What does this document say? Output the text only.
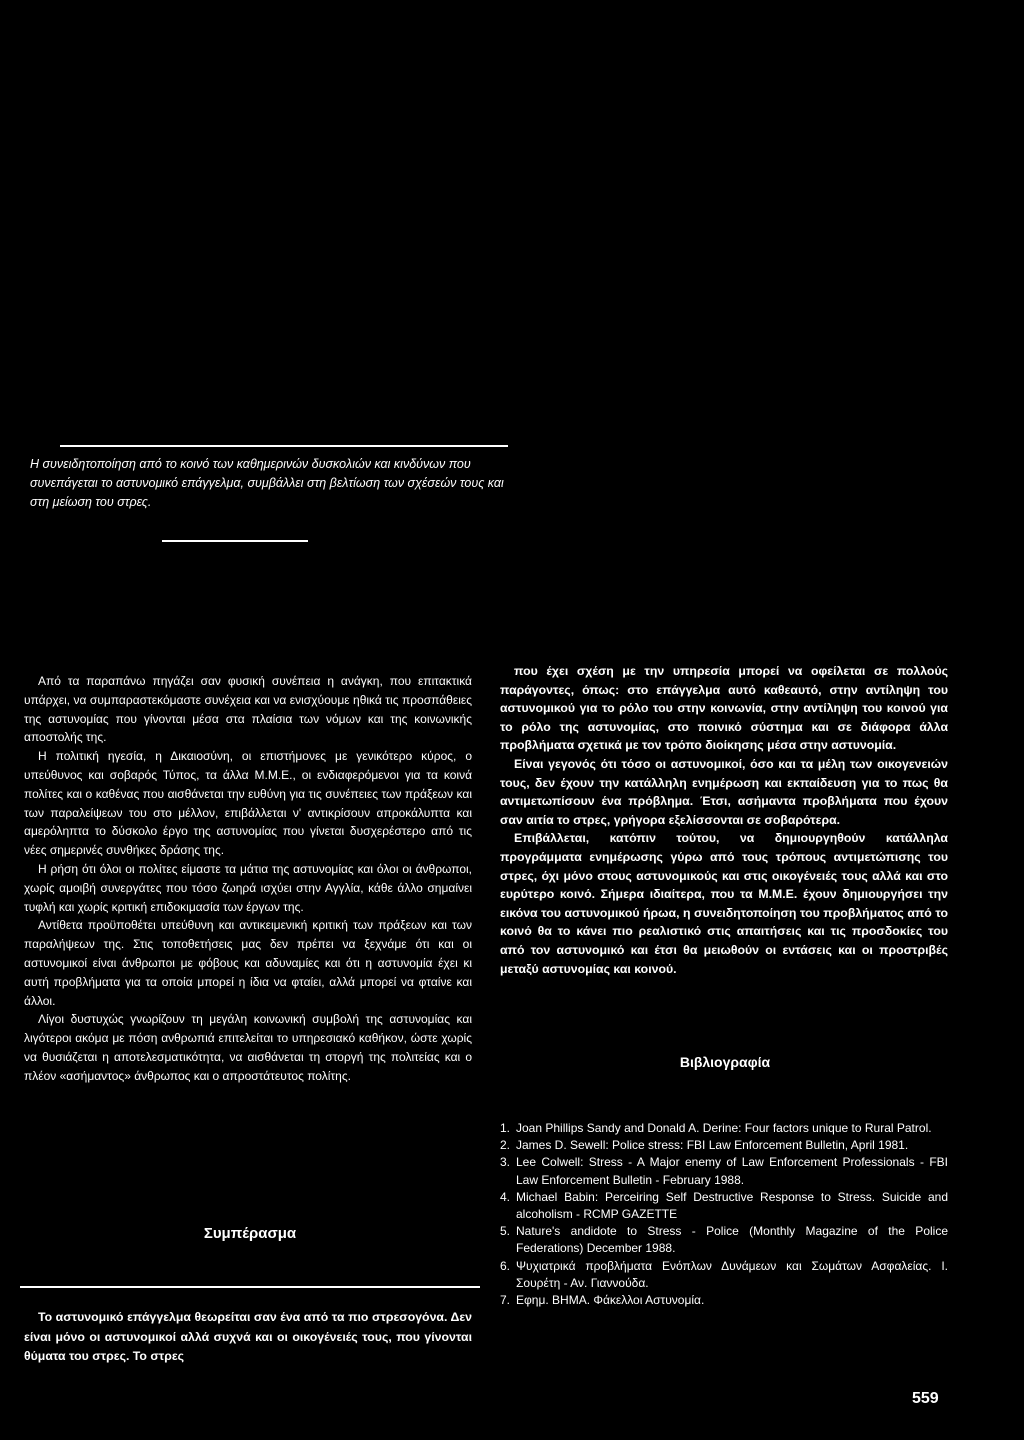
Η συνειδητοποίηση από το κοινό των καθημερινών δυσκολιών και κινδύνων που συνεπάγεται το αστυνομικό επάγγελμα, συμβάλλει στη βελτίωση των σχέσεών τους και στη μείωση του στρες.

Από τα παραπάνω πηγάζει σαν φυσική συνέπεια η ανάγκη, που επιτακτικά υπάρχει, να συμπαραστεκόμαστε συνέχεια και να ενισχύουμε ηθικά τις προσπάθειες της αστυνομίας που γίνονται μέσα στα πλαίσια των νόμων και της κοινωνικής αποστολής της.

Η πολιτική ηγεσία, η Δικαιοσύνη, οι επιστήμονες με γενικότερο κύρος, ο υπεύθυνος και σοβαρός Τύπος, τα άλλα Μ.Μ.Ε., οι ενδιαφερόμενοι για τα κοινά πολίτες και ο καθένας που αισθάνεται την ευθύνη για τις συνέπειες των πράξεων και των παραλείψεων του στο μέλλον, επιβάλλεται ν' αντικρίσουν απροκάλυπτα και αμερόληπτα το δύσκολο έργο της αστυνομίας που γίνεται δυσχερέστερο από τις νέες σημερινές συνθήκες δράσης της.

Η ρήση ότι όλοι οι πολίτες είμαστε τα μάτια της αστυνομίας και όλοι οι άνθρωποι, χωρίς αμοιβή συνεργάτες που τόσο ζωηρά ισχύει στην Αγγλία, κάθε άλλο σημαίνει τυφλή και χωρίς κριτική επιδοκιμασία των έργων της.

Αντίθετα προϋποθέτει υπεύθυνη και αντικειμενική κριτική των πράξεων και των παραλήψεων της. Στις τοποθετήσεις μας δεν πρέπει να ξεχνάμε ότι και οι αστυνομικοί είναι άνθρωποι με φόβους και αδυναμίες και ότι η αστυνομία έχει κι αυτή προβλήματα για τα οποία μπορεί η ίδια να φταίει, αλλά μπορεί να φταίνε και άλλοι.

Λίγοι δυστυχώς γνωρίζουν τη μεγάλη κοινωνική συμβολή της αστυνομίας και λιγότεροι ακόμα με πόση ανθρωπιά επιτελείται το υπηρεσιακό καθήκον, ώστε χωρίς να θυσιάζεται η αποτελεσματικότητα, να αισθάνεται τη στοργή της πολιτείας και ο πλέον «ασήμαντος» άνθρωπος και ο απροστάτευτος πολίτης.

Συμπέρασμα

Το αστυνομικό επάγγελμα θεωρείται σαν ένα από τα πιο στρεσογόνα. Δεν είναι μόνο οι αστυνομικοί αλλά συχνά και οι οικογένειές τους, που γίνονται θύματα του στρες. Το στρες

που έχει σχέση με την υπηρεσία μπορεί να οφείλεται σε πολλούς παράγοντες, όπως: στο επάγγελμα αυτό καθεαυτό, στην αντίληψη του αστυνομικού για το ρόλο του στην κοινωνία, στην αντίληψη του κοινού για το ρόλο της αστυνομίας, στο ποινικό σύστημα και σε διάφορα άλλα προβλήματα σχετικά με τον τρόπο διοίκησης μέσα στην αστυνομία.

Είναι γεγονός ότι τόσο οι αστυνομικοί, όσο και τα μέλη των οικογενειών τους, δεν έχουν την κατάλληλη ενημέρωση και εκπαίδευση για το πως θα αντιμετωπίσουν ένα πρόβλημα. Έτσι, ασήμαντα προβλήματα που έχουν σαν αιτία το στρες, γρήγορα εξελίσσονται σε σοβαρότερα.

Επιβάλλεται, κατόπιν τούτου, να δημιουργηθούν κατάλληλα προγράμματα ενημέρωσης γύρω από τους τρόπους αντιμετώπισης του στρες, όχι μόνο στους αστυνομικούς και στις οικογένειές τους αλλά και στο ευρύτερο κοινό. Σήμερα ιδιαίτερα, που τα Μ.Μ.Ε. έχουν δημιουργήσει την εικόνα του αστυνομικού ήρωα, η συνειδητοποίηση του προβλήματος από το κοινό θα το κάνει πιο ρεαλιστικό στις απαιτήσεις και τις προσδοκίες του από τον αστυνομικό και έτσι θα μειωθούν οι εντάσεις και οι προστριβές μεταξύ αστυνομίας και κοινού.

Βιβλιογραφία
1. Joan Phillips Sandy and Donald A. Derine: Four factors unique to Rural Patrol.
2. James D. Sewell: Police stress: FBI Law Enforcement Bulletin, April 1981.
3. Lee Colwell: Stress - A Major enemy of Law Enforcement Professionals - FBI Law Enforcement Bulletin - February 1988.
4. Michael Babin: Perceiring Self Destructive Response to Stress. Suicide and alcoholism - RCMP GAZETTE
5. Nature's andidote to Stress - Police (Monthly Magazine of the Police Federations) December 1988.
6. Ψυχιατρικά προβλήματα Ενόπλων Δυνάμεων και Σωμάτων Ασφαλείας. Ι. Σουρέτη - Αν. Γιαννούδα.
7. Εφημ. ΒΗΜΑ. Φάκελλοι Αστυνομία.
559
